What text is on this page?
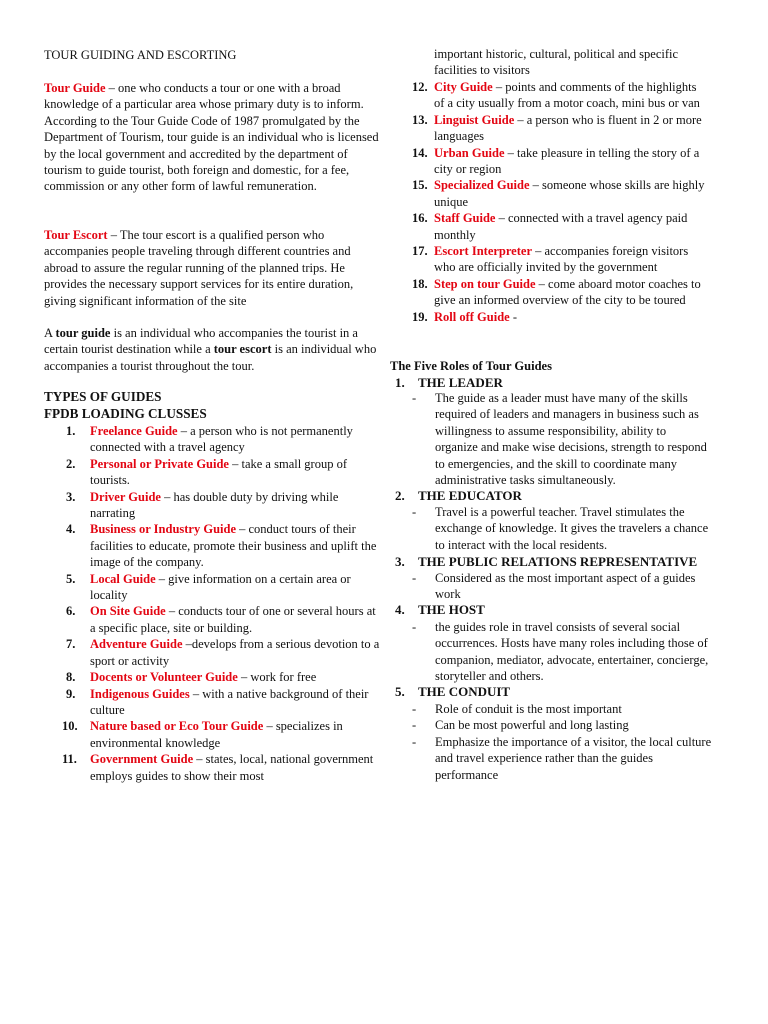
TOUR GUIDING AND ESCORTING

Tour Guide – one who conducts a tour or one with a broad knowledge of a particular area whose primary duty is to inform. According to the Tour Guide Code of 1987 promulgated by the Department of Tourism, tour guide is an individual who is licensed by the local government and accredited by the department of tourism to guide tourist, both foreign and domestic, for a fee, commission or any other form of lawful remuneration.

Tour Escort – The tour escort is a qualified person who accompanies people traveling through different countries and abroad to assure the regular running of the planned trips. He provides the necessary support services for its entire duration, giving significant information of the site

A tour guide is an individual who accompanies the tourist in a certain tourist destination while a tour escort is an individual who accompanies a tourist throughout the tour.

TYPES OF GUIDES

FPDB LOADING CLUSSES

1. Freelance Guide – a person who is not permanently connected with a travel agency
2. Personal or Private Guide – take a small group of tourists.
3. Driver Guide – has double duty by driving while narrating
4. Business or Industry Guide – conduct tours of their facilities to educate, promote their business and uplift the image of the company.
5. Local Guide – give information on a certain area or locality
6. On Site Guide – conducts tour of one or several hours at a specific place, site or building.
7. Adventure Guide –develops from a serious devotion to a sport or activity
8. Docents or Volunteer Guide – work for free
9. Indigenous Guides – with a native background of their culture
10. Nature based or Eco Tour Guide – specializes in environmental knowledge
11. Government Guide – states, local, national government employs guides to show their most

important historic, cultural, political and specific facilities to visitors

12. City Guide – points and comments of the highlights of a city usually from a motor coach, mini bus or van
13. Linguist Guide – a person who is fluent in 2 or more languages
14. Urban Guide – take pleasure in telling the story of a city or region
15. Specialized Guide – someone whose skills are highly unique
16. Staff Guide – connected with a travel agency paid monthly
17. Escort Interpreter – accompanies foreign visitors who are officially invited by the government
18. Step on tour Guide – come aboard motor coaches to give an informed overview of the city to be toured
19. Roll off Guide -

The Five Roles of Tour Guides

1. THE LEADER
- The guide as a leader must have many of the skills required of leaders and managers in business such as willingness to assume responsibility, ability to organize and make wise decisions, strength to respond to emergencies, and the skill to coordinate many administrative tasks simultaneously.
2. THE EDUCATOR
- Travel is a powerful teacher. Travel stimulates the exchange of knowledge. It gives the travelers a chance to interact with the local residents.
3. THE PUBLIC RELATIONS REPRESENTATIVE
- Considered as the most important aspect of a guides work
4. THE HOST
- the guides role in travel consists of several social occurrences. Hosts have many roles including those of companion, mediator, advocate, entertainer, concierge, storyteller and others.
5. THE CONDUIT
- Role of conduit is the most important
- Can be most powerful and long lasting
- Emphasize the importance of a visitor, the local culture and travel experience rather than the guides performance
